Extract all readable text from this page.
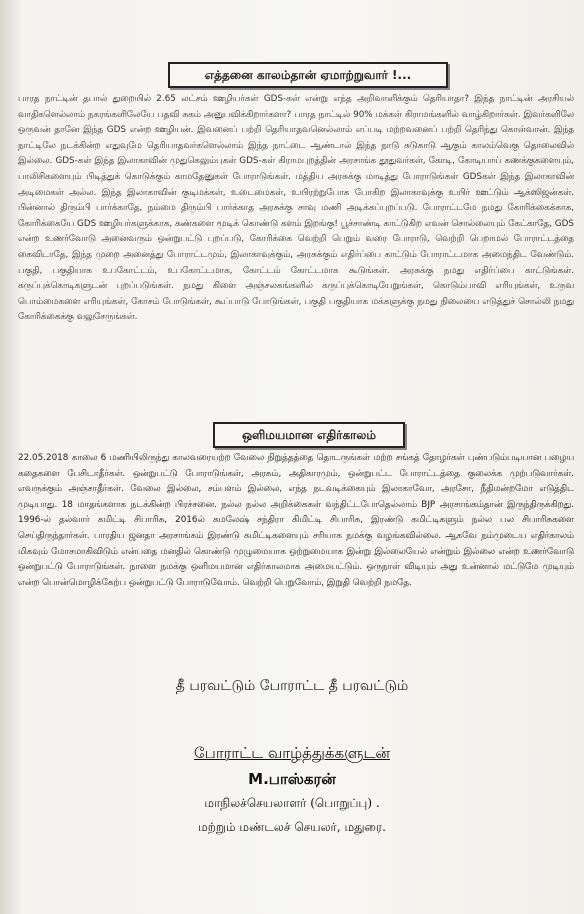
எத்தனை காலம்தான் ஏமாற்றுவார் !...

பாரத நாட்டின் தபால் துறையில் 2.65 லட்சம் ஊழியர்கள் GDS-கள் என்று எந்த அறிவாளிக்கும் தெரியாதா? இந்த நாட்டின் அரசியல் வாதிகளெல்லாம் நகரங்களிலேயே பதவி சுகம் அனுபவிக்கிறார்களா? பாரத நாட்டில் 90% மக்கள் கிராமங்களில் வாழ்கிறார்கள். இவர்களிலே ஒருவன் தானே இந்த GDS என்ற ஊழியன். இவனைப் பற்றி தெரியாதவனெல்லாம் எப்படி மற்றவனைப் பற்றி தெரிந்து கொள்வான். இந்த நாட்டிலே நடக்கின்ற எதுவுமே தெரியாதவர்களெல்லாம் இந்த நாட்டை ஆண்டால் இந்த நாடு சுடுகாடு ஆகும் காலம்வெகு தொலைவில் இல்லை. GDS-கள் இந்த இலாகாவின் முதுகெலும்புகள் GDS-கள் கிராமபுறத்தின் அரசாங்க தூதுவர்கள், கோடி, கோடியாய் கணக்குகளையும், பாலிசிகளையும் பிடித்துக் கொடுக்கும் காமதேனுகள் போராடுங்கள். மத்திய அரசுக்கு மாடித்து போராடுங்கள் GDSகள் இந்த இலாகாவின் அடிமைகள் அல்ல. இந்த இலாகாவின் குடிமக்கள், உடைமைகள், உயிரற்றுபோக போகிற இலாகாவுக்கு உயிர் ஊட்டும் ஆக்ஸிஜன்கள். பின்னால் திரும்பி பார்க்காதே, நம்மை திரும்பி பார்க்காத அரசுக்கு சாவு மணி அடிக்கப்புறப்படு. போராட்டமே நமது கோரிக்கைக்காக, கோரிக்கையே GDS ஊழியர்களுக்காக, கண்களை மூடிக் கொண்டு களம் இறங்கு! பூச்சாண்டி காட்டுகிற எவன் சொல்லையும் கேட்காதே, GDS என்ற உணர்வோடு அனைவரும் ஒன்றுபட்டு புறப்படு, கோரிக்கை வெற்றி பெறும் வரை போராடு, வெற்றி பெறாமல் போராட்டத்தை கைவிடாதே, இந்த முறை அனைத்து போராட்டமும், இலாகாவுக்கும், அரசுக்கும் எதிர்ப்பை காட்டும் போராட்டமாக அமைந்திட வேண்டும். பகுதி, பகுதியாக உபகோட்டம், உபகோட்டமாக, கோட்டம் கோட்டமாக கூடுங்கள். அரசுக்கு நமது எதிர்ப்பை காட்டுங்கள். கருப்புக்கொடிகளுடன் புறப்படுங்கள். நமது கிளை அஞ்சலகங்களில் கருப்புக்கொடியேறுங்கள், கொடும்பாவி எரியுங்கள், உருவ பொம்மைகளை எரியுங்கள், கோசம் போடுங்கள், கூப்பாடு போடுங்கள், பகுதி பகுதியாக மக்களுக்கு நமது நிலையை எடுத்துச் சொல்லி நமது கோரிக்கைக்கு வலுசேருங்கள்.

ஒளிமயமான எதிர்காலம்

22.05.2018 காலை 6 மணியிலிருந்து காலவரையற்ற வேலை நிறுத்தத்தை தொடருங்கள் மற்ற சங்கத் தோழர்கள் புண்படும்படியான பழைய கதைகளை பேசிடாதீர்கள். ஒன்றுபட்டு போராடுங்கள், அரசும், அதிகாரமும், ஒன்றுபட்ட போராட்டத்தை குலைக்க முற்படுவார்கள். எவருக்கும் அஞ்சாதீர்கள். வேலை இல்லை, சம்பளம் இல்லை, எந்த நடவடிக்கையும் இலாகாவோ, அரசோ, நீதிமன்றமோ எடுத்திட முடியாது. 18 மாதங்களாக நடக்கின்ற பிரச்சனை. நல்ல நல்ல அறிக்கைகள் வந்திட்டபோதெல்லாம் BJP அரசாங்கம்தான் இருந்திருக்கிறது. 1996-ல் தல்வார் கமிட்டி சிபாரிசு, 2016ல் கமலேஷ் சந்திரா கிமிட்டி சிபாரிசு, இரண்டு கமிட்டிகளும் நல்ல பல சிபாரிசுகளை செய்திருந்தார்கள். பாரதிய ஜனதா அரசாங்கம் இரண்டு கமிட்டிகளையும் சரியாக நமக்கு வழங்கவில்லை. ஆகவே நம்முடைய எதிர்காலம் மிகவும் மோசமாகிவிடும் என்பதை மனதில் கொண்டு முழுமையாக ஒற்றுமையாக இன்று இல்லையேல் என்றும் இல்லை என்ற உணர்வோடு ஒன்றுபட்டு போராடுங்கள். நாளை நமக்கு ஒளிமயமான எதிர்காலமாக அமையட்டும். ஒருநாள் விடியும் அது உன்னால் மட்டுமே முடியும் என்ற பொன்மொழிக்கேற்ப ஒன்றுபட்டு போராடுவோம். வெற்றி பெறுவோம், இறுதி வெற்றி நமதே.

தீ பரவட்டும் போராட்ட தீ பரவட்டும்
போராட்ட வாழ்த்துக்களுடன்
M.பாஸ்கரன்
மாநிலச்செயலாளர் (பொறுப்பு) .
மற்றும் மண்டலச் செயலர், மதுரை.
